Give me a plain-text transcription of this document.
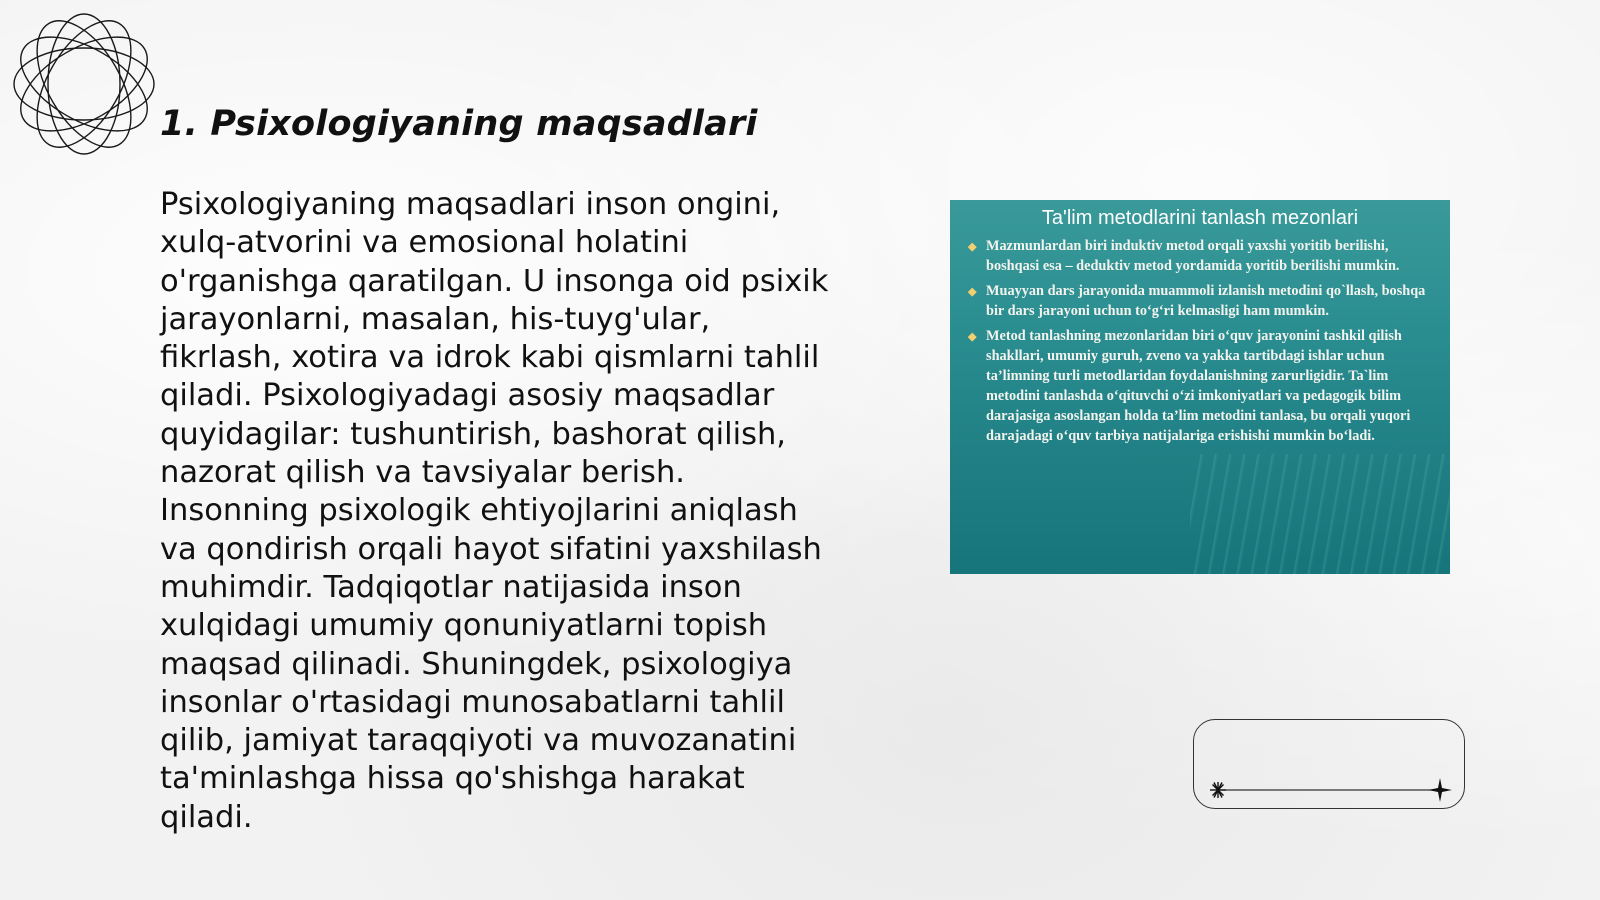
1. Psixologiyaning maqsadlari

Psixologiyaning maqsadlari inson ongini, xulq-atvorini va emosional holatini o'rganishga qaratilgan. U insonga oid psixik jarayonlarni, masalan, his-tuyg'ular, fikrlash, xotira va idrok kabi qismlarni tahlil qiladi. Psixologiyadagi asosiy maqsadlar quyidagilar: tushuntirish, bashorat qilish, nazorat qilish va tavsiyalar berish. Insonning psixologik ehtiyojlarini aniqlash va qondirish orqali hayot sifatini yaxshilash muhimdir. Tadqiqotlar natijasida inson xulqidagi umumiy qonuniyatlarni topish maqsad qilinadi. Shuningdek, psixologiya insonlar o'rtasidagi munosabatlarni tahlil qilib, jamiyat taraqqiyoti va muvozanatini ta'minlashga hissa qo'shishga harakat qiladi.

Ta'lim metodlarini tanlash mezonlari
◆ Mazmunlardan biri induktiv metod orqali yaxshi yoritib berilishi, boshqasi esa – deduktiv metod yordamida yoritib berilishi mumkin.
◆ Muayyan dars jarayonida muammoli izlanish metodini qo`llash, boshqa bir dars jarayoni uchun to‘g‘ri kelmasligi ham mumkin.
◆ Metod tanlashning mezonlaridan biri o‘quv jarayonini tashkil qilish shakllari, umumiy guruh, zveno va yakka tartibdagi ishlar uchun ta’limning turli metodlaridan foydalanishning zarurligidir. Ta`lim metodini tanlashda o‘qituvchi o‘zi imkoniyatlari va pedagogik bilim darajasiga asoslangan holda ta’lim metodini tanlasa, bu orqali yuqori darajadagi o‘quv tarbiya natijalariga erishishi mumkin bo‘ladi.
